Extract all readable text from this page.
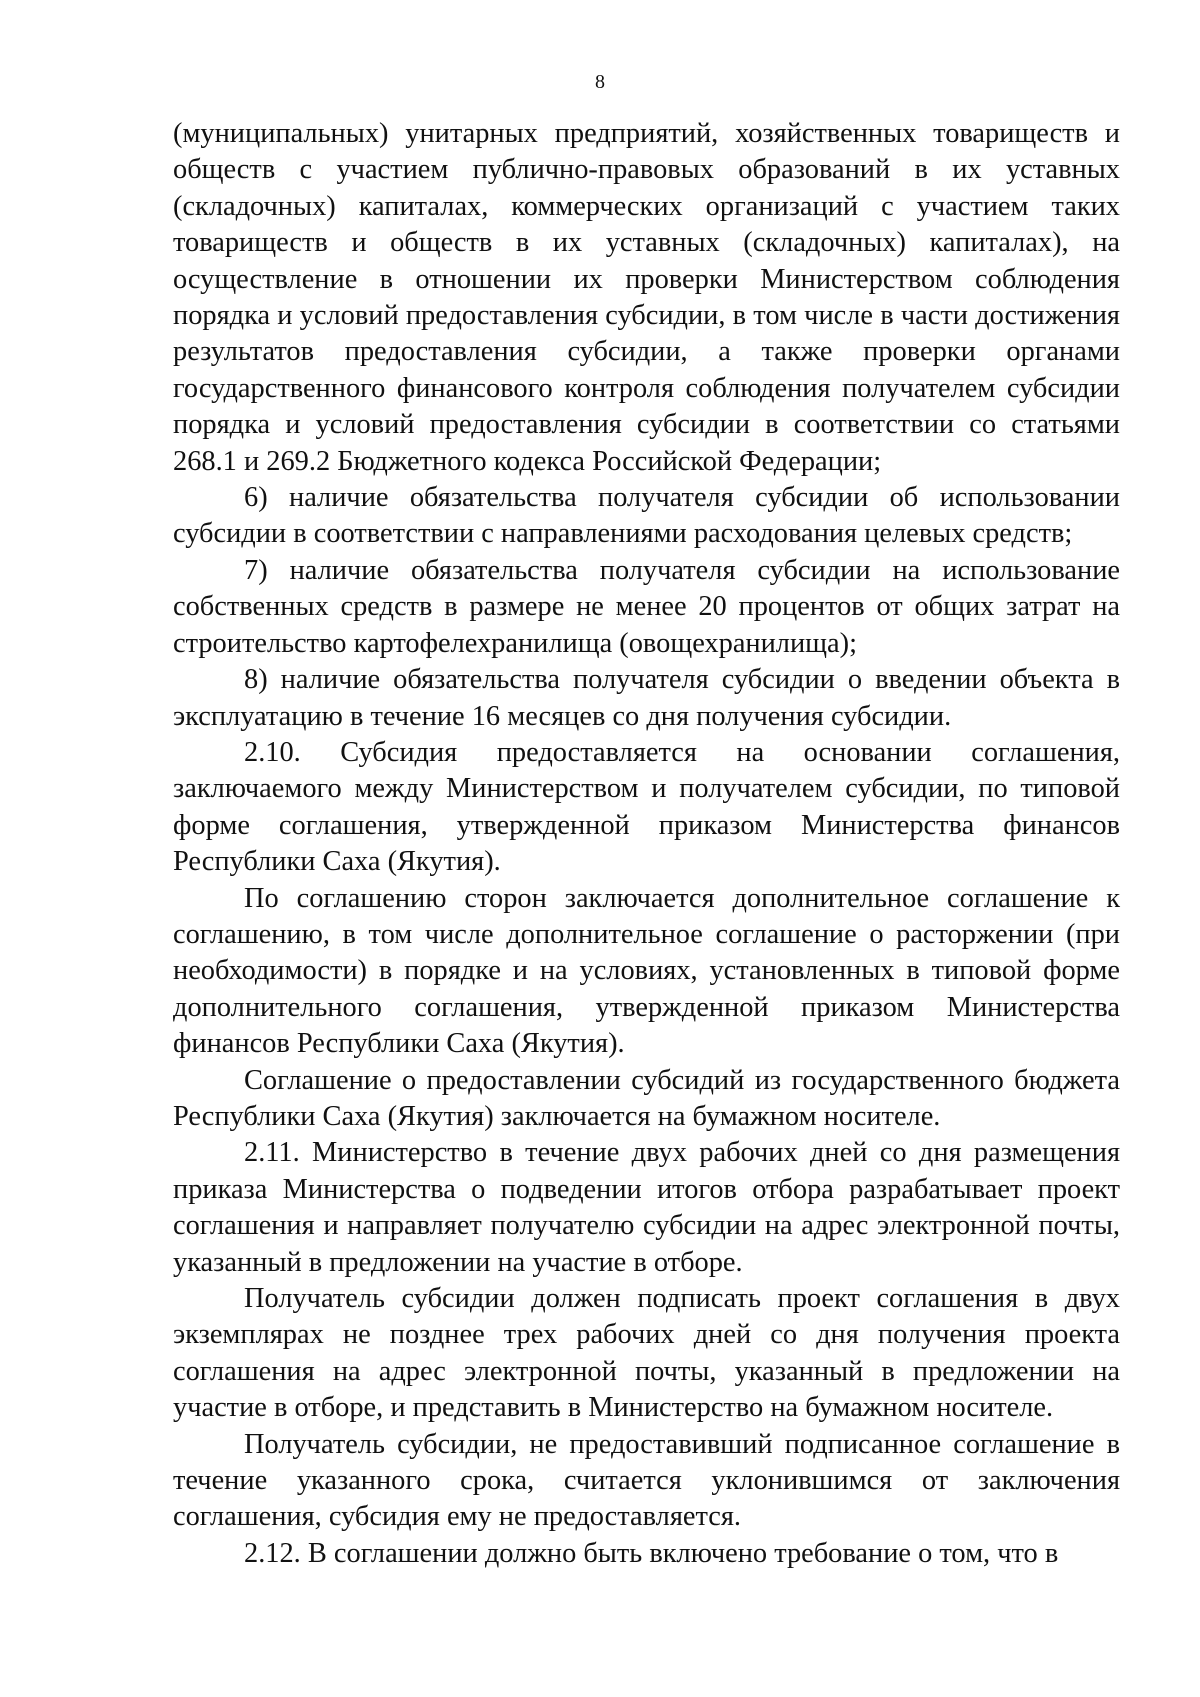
8

(муниципальных) унитарных предприятий, хозяйственных товариществ и обществ с участием публично-правовых образований в их уставных (складочных) капиталах, коммерческих организаций с участием таких товариществ и обществ в их уставных (складочных) капиталах), на осуществление в отношении их проверки Министерством соблюдения порядка и условий предоставления субсидии, в том числе в части достижения результатов предоставления субсидии, а также проверки органами государственного финансового контроля соблюдения получателем субсидии порядка и условий предоставления субсидии в соответствии со статьями 268.1 и 269.2 Бюджетного кодекса Российской Федерации;

6) наличие обязательства получателя субсидии об использовании субсидии в соответствии с направлениями расходования целевых средств;

7) наличие обязательства получателя субсидии на использование собственных средств в размере не менее 20 процентов от общих затрат на строительство картофелехранилища (овощехранилища);

8) наличие обязательства получателя субсидии о введении объекта в эксплуатацию в течение 16 месяцев со дня получения субсидии.

2.10. Субсидия предоставляется на основании соглашения, заключаемого между Министерством и получателем субсидии, по типовой форме соглашения, утвержденной приказом Министерства финансов Республики Саха (Якутия).

По соглашению сторон заключается дополнительное соглашение к соглашению, в том числе дополнительное соглашение о расторжении (при необходимости) в порядке и на условиях, установленных в типовой форме дополнительного соглашения, утвержденной приказом Министерства финансов Республики Саха (Якутия).

Соглашение о предоставлении субсидий из государственного бюджета Республики Саха (Якутия) заключается на бумажном носителе.

2.11. Министерство в течение двух рабочих дней со дня размещения приказа Министерства о подведении итогов отбора разрабатывает проект соглашения и направляет получателю субсидии на адрес электронной почты, указанный в предложении на участие в отборе.

Получатель субсидии должен подписать проект соглашения в двух экземплярах не позднее трех рабочих дней со дня получения проекта соглашения на адрес электронной почты, указанный в предложении на участие в отборе, и представить в Министерство на бумажном носителе.

Получатель субсидии, не предоставивший подписанное соглашение в течение указанного срока, считается уклонившимся от заключения соглашения, субсидия ему не предоставляется.

2.12. В соглашении должно быть включено требование о том, что в
